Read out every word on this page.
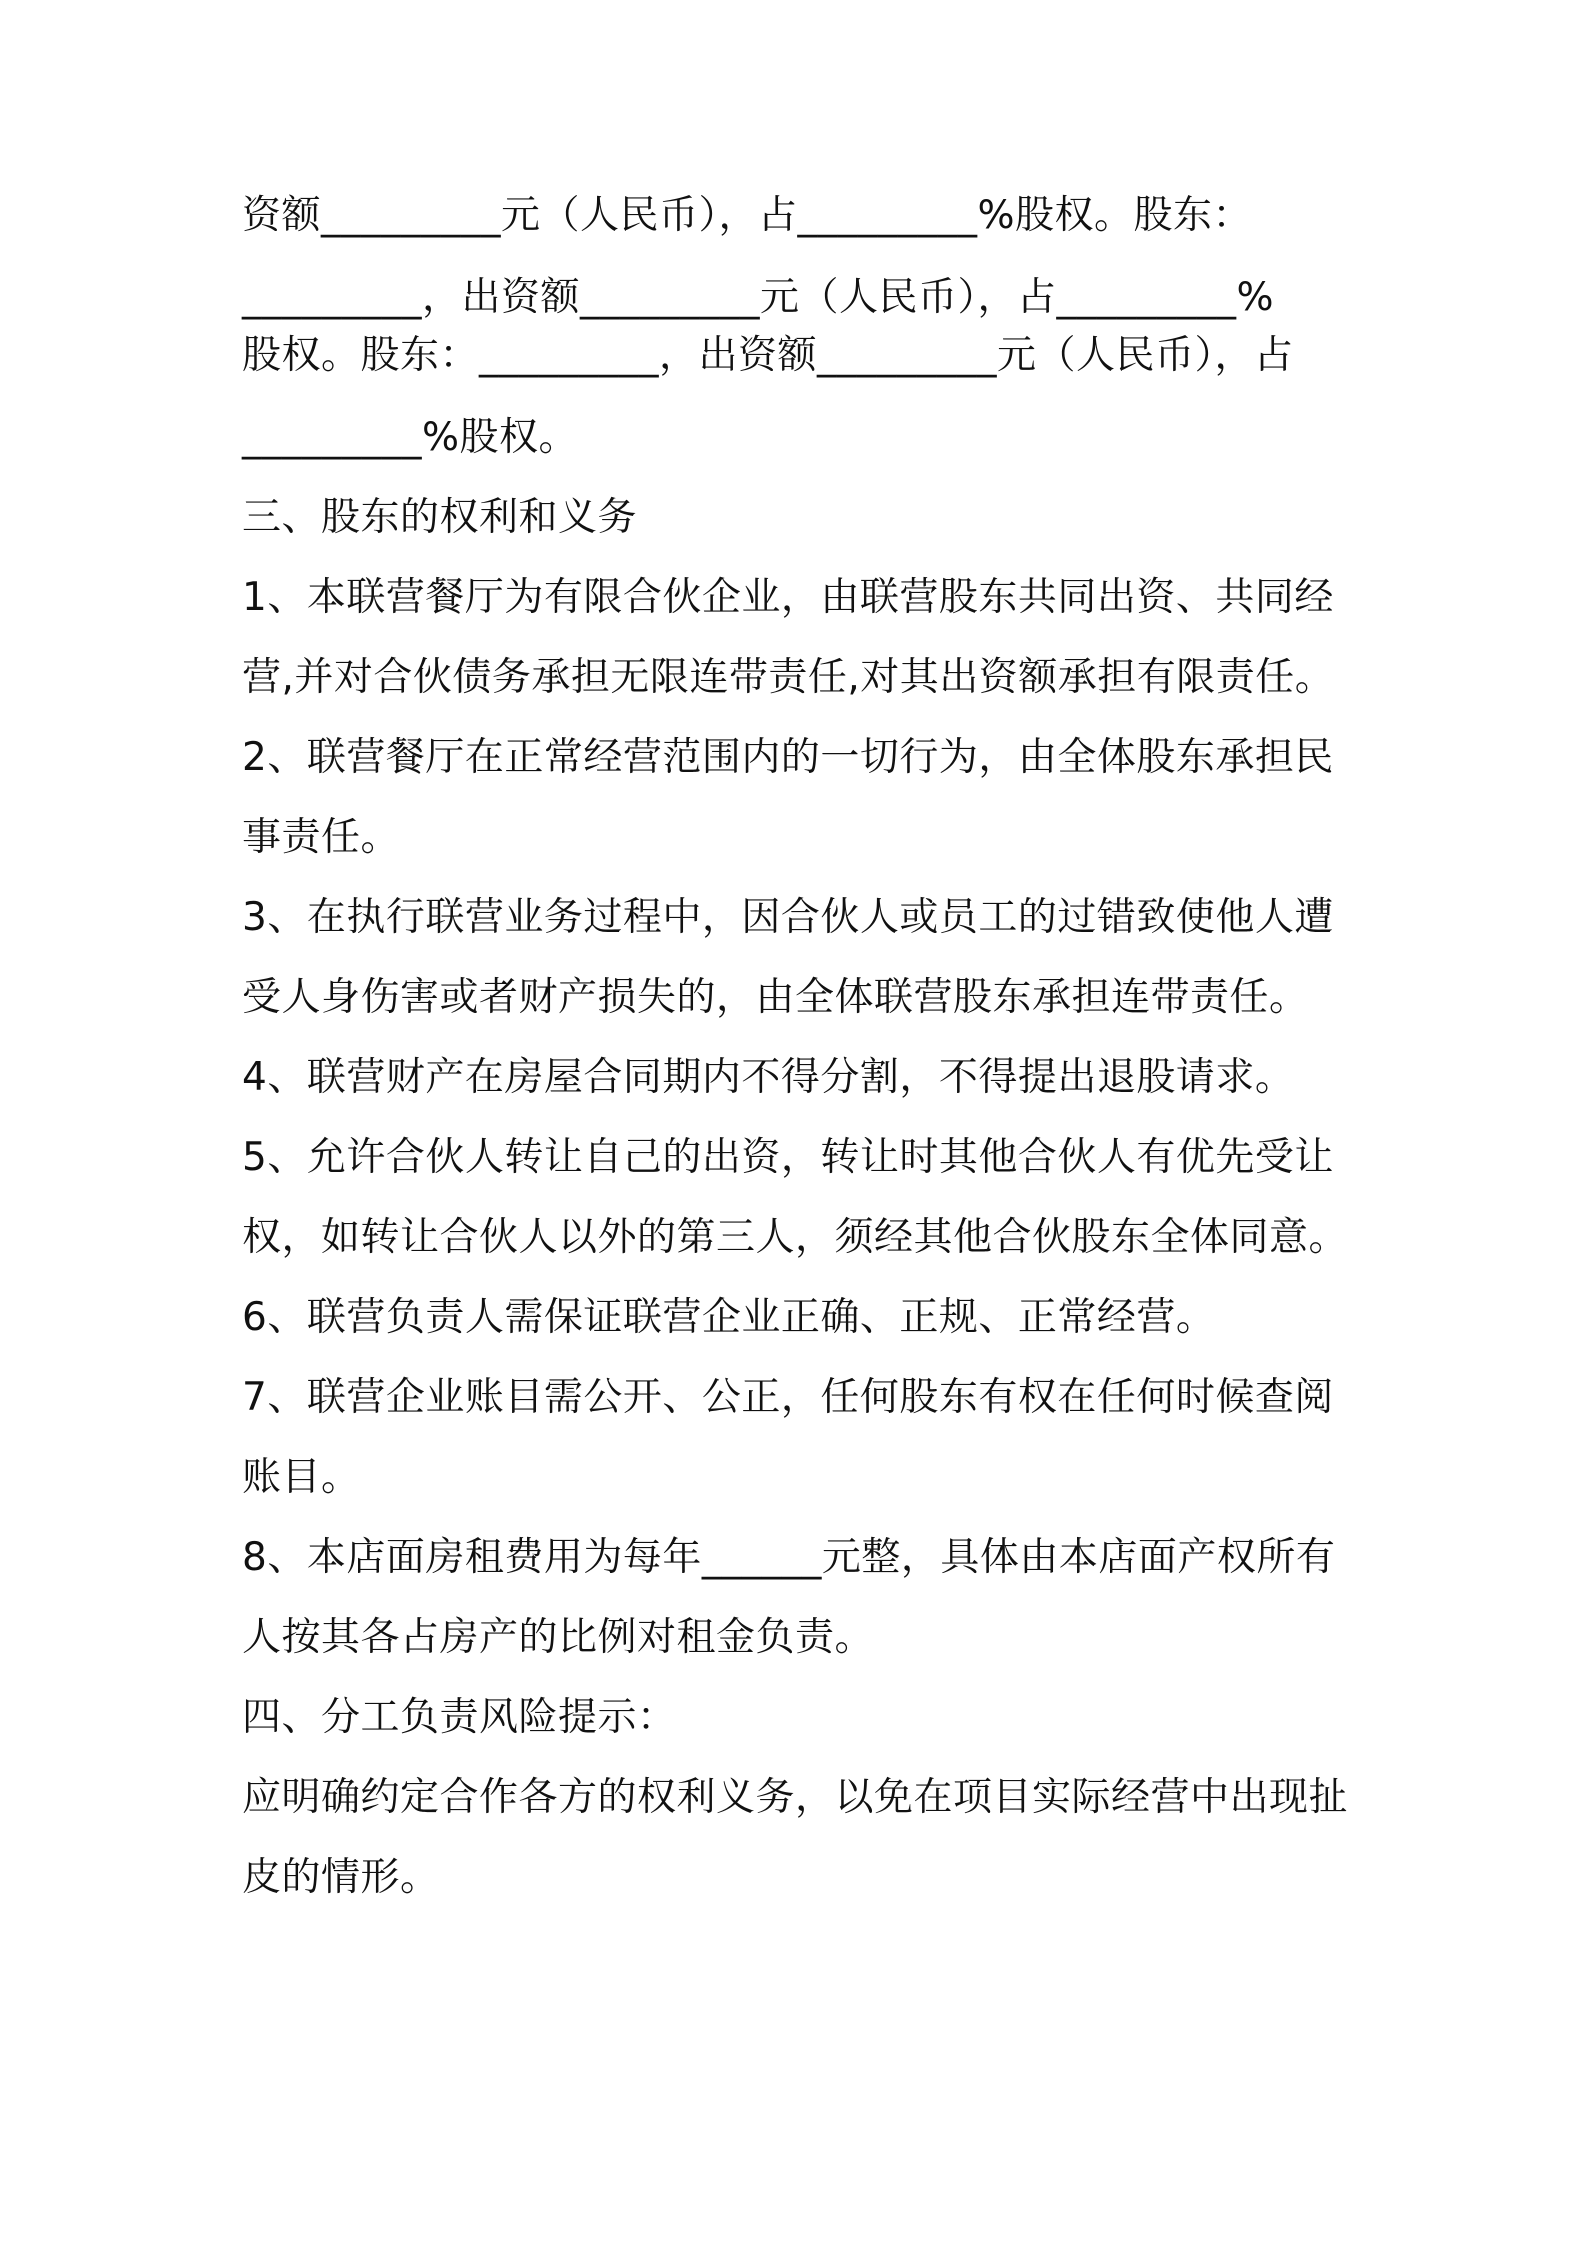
资额_________元（人民币），占_________%股权。股东：
_________，出资额_________元（人民币），占_________%
股权。股东：_________，出资额_________元（人民币），占
_________%股权。
三、股东的权利和义务
1、本联营餐厅为有限合伙企业，由联营股东共同出资、共同经
营,并对合伙债务承担无限连带责任,对其出资额承担有限责任。
2、联营餐厅在正常经营范围内的一切行为，由全体股东承担民
事责任。
3、在执行联营业务过程中，因合伙人或员工的过错致使他人遭
受人身伤害或者财产损失的，由全体联营股东承担连带责任。
4、联营财产在房屋合同期内不得分割，不得提出退股请求。
5、允许合伙人转让自己的出资，转让时其他合伙人有优先受让
权，如转让合伙人以外的第三人，须经其他合伙股东全体同意。
6、联营负责人需保证联营企业正确、正规、正常经营。
7、联营企业账目需公开、公正，任何股东有权在任何时候查阅
账目。
8、本店面房租费用为每年______元整，具体由本店面产权所有
人按其各占房产的比例对租金负责。
四、分工负责风险提示：
应明确约定合作各方的权利义务，以免在项目实际经营中出现扯
皮的情形。
